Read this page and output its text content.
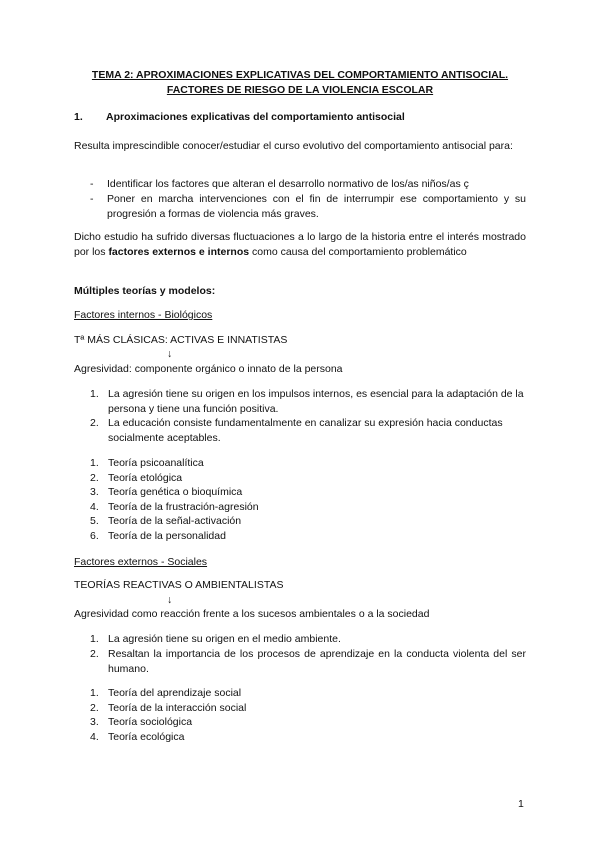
TEMA 2: APROXIMACIONES EXPLICATIVAS DEL COMPORTAMIENTO ANTISOCIAL.
FACTORES DE RIESGO DE LA VIOLENCIA ESCOLAR
1. Aproximaciones explicativas del comportamiento antisocial
Resulta imprescindible conocer/estudiar el curso evolutivo del comportamiento antisocial para:
- Identificar los factores que alteran el desarrollo normativo de los/as niños/as ç
- Poner en marcha intervenciones con el fin de interrumpir ese comportamiento y su progresión a formas de violencia más graves.
Dicho estudio ha sufrido diversas fluctuaciones a lo largo de la historia entre el interés mostrado por los factores externos e internos como causa del comportamiento problemático
Múltiples teorías y modelos:
Factores internos - Biológicos
Tª MÁS CLÁSICAS: ACTIVAS E INNATISTAS
↓
Agresividad: componente orgánico o innato de la persona
1. La agresión tiene su origen en los impulsos internos, es esencial para la adaptación de la persona y tiene una función positiva.
2. La educación consiste fundamentalmente en canalizar su expresión hacia conductas socialmente aceptables.
1. Teoría psicoanalítica
2. Teoría etológica
3. Teoría genética o bioquímica
4. Teoría de la frustración-agresión
5. Teoría de la señal-activación
6. Teoría de la personalidad
Factores externos - Sociales
TEORÍAS REACTIVAS O AMBIENTALISTAS
↓
Agresividad como reacción frente a los sucesos ambientales o a la sociedad
1. La agresión tiene su origen en el medio ambiente.
2. Resaltan la importancia de los procesos de aprendizaje en la conducta violenta del ser humano.
1. Teoría del aprendizaje social
2. Teoría de la interacción social
3. Teoría sociológica
4. Teoría ecológica
1
